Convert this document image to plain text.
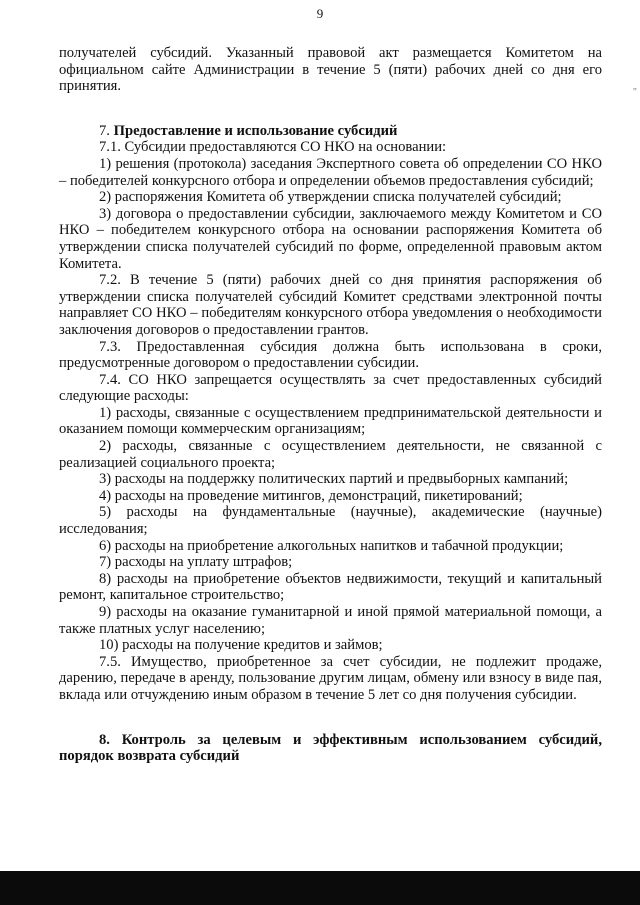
9
"

получателей субсидий. Указанный правовой акт размещается Комитетом на официальном сайте Администрации в течение 5 (пяти) рабочих дней со дня его принятия.

7. Предоставление и использование субсидий

7.1. Субсидии предоставляются СО НКО на основании:

1) решения (протокола) заседания Экспертного совета об определении СО НКО – победителей конкурсного отбора и определении объемов предоставления субсидий;

2) распоряжения Комитета об утверждении списка получателей субсидий;

3) договора о предоставлении субсидии, заключаемого между Комитетом и СО НКО – победителем конкурсного отбора на основании распоряжения Комитета об утверждении списка получателей субсидий по форме, определенной правовым актом Комитета.

7.2. В течение 5 (пяти) рабочих дней со дня принятия распоряжения об утверждении списка получателей субсидий Комитет средствами электронной почты направляет СО НКО – победителям конкурсного отбора уведомления о необходимости заключения договоров о предоставлении грантов.

7.3. Предоставленная субсидия должна быть использована в сроки, предусмотренные договором о предоставлении субсидии.

7.4. СО НКО запрещается осуществлять за счет предоставленных субсидий следующие расходы:

1) расходы, связанные с осуществлением предпринимательской деятельности и оказанием помощи коммерческим организациям;

2) расходы, связанные с осуществлением деятельности, не связанной с реализацией социального проекта;

3) расходы на поддержку политических партий и предвыборных кампаний;

4) расходы на проведение митингов, демонстраций, пикетирований;

5) расходы на фундаментальные (научные), академические (научные) исследования;

6) расходы на приобретение алкогольных напитков и табачной продукции;

7) расходы на уплату штрафов;

8) расходы на приобретение объектов недвижимости, текущий и капитальный ремонт, капитальное строительство;

9) расходы на оказание гуманитарной и иной прямой материальной помощи, а также платных услуг населению;

10) расходы на получение кредитов и займов;

7.5. Имущество, приобретенное за счет субсидии, не подлежит продаже, дарению, передаче в аренду, пользование другим лицам, обмену или взносу в виде пая, вклада или отчуждению иным образом в течение 5 лет со дня получения субсидии.

8. Контроль за целевым и эффективным использованием субсидий, порядок возврата субсидий
